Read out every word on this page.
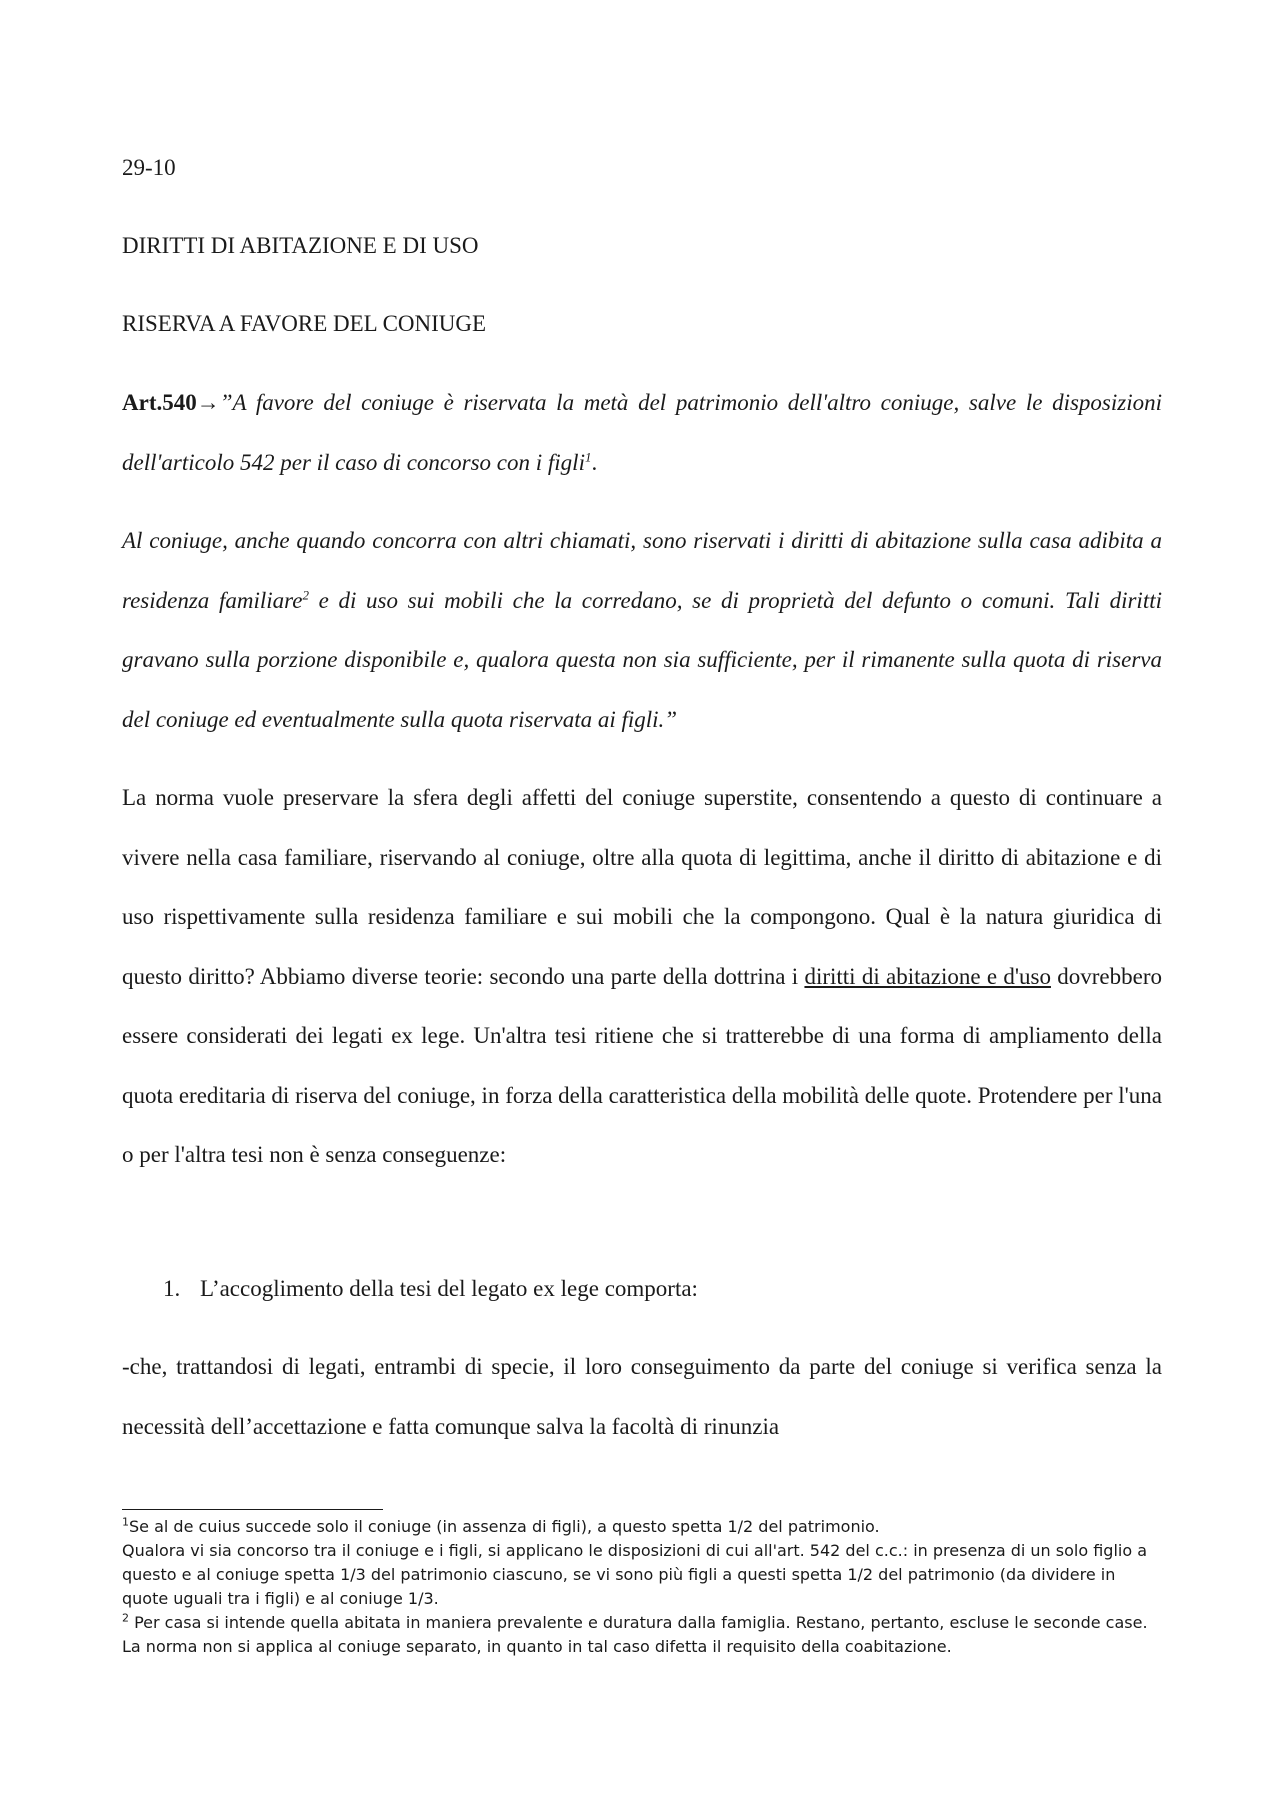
29-10
DIRITTI DI ABITAZIONE E DI USO
RISERVA A FAVORE DEL CONIUGE
Art.540→”A favore del coniuge è riservata la metà del patrimonio dell'altro coniuge, salve le disposizioni dell'articolo 542 per il caso di concorso con i figli$^1$.
Al coniuge, anche quando concorra con altri chiamati, sono riservati i diritti di abitazione sulla casa adibita a residenza familiare$^2$ e di uso sui mobili che la corredano, se di proprietà del defunto o comuni. Tali diritti gravano sulla porzione disponibile e, qualora questa non sia sufficiente, per il rimanente sulla quota di riserva del coniuge ed eventualmente sulla quota riservata ai figli.”
La norma vuole preservare la sfera degli affetti del coniuge superstite, consentendo a questo di continuare a vivere nella casa familiare, riservando al coniuge, oltre alla quota di legittima, anche il diritto di abitazione e di uso rispettivamente sulla residenza familiare e sui mobili che la compongono. Qual è la natura giuridica di questo diritto? Abbiamo diverse teorie: secondo una parte della dottrina i diritti di abitazione e d'uso dovrebbero essere considerati dei legati ex lege. Un'altra tesi ritiene che si tratterebbe di una forma di ampliamento della quota ereditaria di riserva del coniuge, in forza della caratteristica della mobilità delle quote. Protendere per l'una o per l'altra tesi non è senza conseguenze:
1. L’accoglimento della tesi del legato ex lege comporta:
-che, trattandosi di legati, entrambi di specie, il loro conseguimento da parte del coniuge si verifica senza la necessità dell’accettazione e fatta comunque salva la facoltà di rinunzia

$^1$Se al de cuius succede solo il coniuge (in assenza di figli), a questo spetta 1/2 del patrimonio.

Qualora vi sia concorso tra il coniuge e i figli, si applicano le disposizioni di cui all'art. 542 del c.c.: in presenza di un solo figlio a questo e al coniuge spetta 1/3 del patrimonio ciascuno, se vi sono più figli a questi spetta 1/2 del patrimonio (da dividere in quote uguali tra i figli) e al coniuge 1/3.

$^2$ Per casa si intende quella abitata in maniera prevalente e duratura dalla famiglia. Restano, pertanto, escluse le seconde case.

La norma non si applica al coniuge separato, in quanto in tal caso difetta il requisito della coabitazione.
